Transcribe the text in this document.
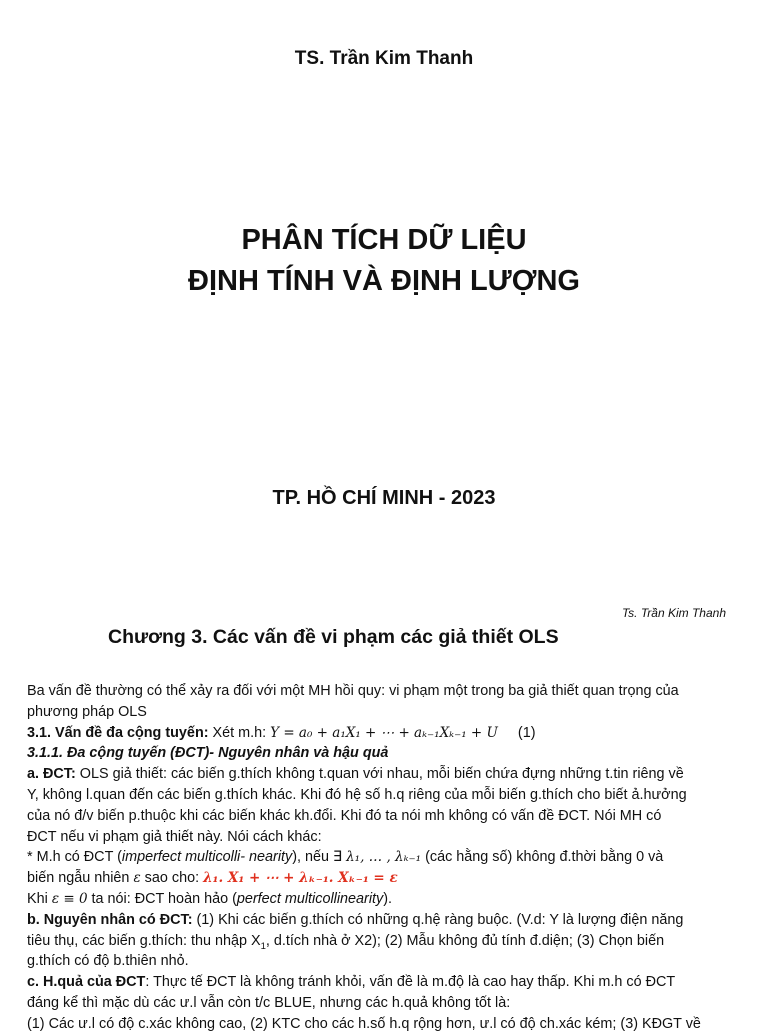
TS. Trần Kim Thanh
PHÂN TÍCH DỮ LIỆU
ĐỊNH TÍNH VÀ ĐỊNH LƯỢNG
TP. HỒ CHÍ MINH - 2023
Ts. Trần Kim Thanh
Chương 3. Các vấn đề vi phạm các giả thiết OLS
Ba vấn đề thường có thể xảy ra đối với một MH hồi quy: vi phạm một trong ba giả thiết quan trọng của
phương pháp OLS
3.1. Vấn đề đa cộng tuyến: Xét m.h: Y = a₀ + a₁X₁ + ⋯ + aₖ₋₁Xₖ₋₁ + U (1)
3.1.1. Đa cộng tuyến (ĐCT)- Nguyên nhân và hậu quả
a. ĐCT: OLS giả thiết: các biến g.thích không t.quan với nhau, mỗi biến chứa đựng những t.tin riêng về
Y, không l.quan đến các biến g.thích khác. Khi đó hệ số h.q riêng của mỗi biến g.thích cho biết ả.hưởng
của nó đ/v biến p.thuộc khi các biến khác kh.đổi. Khi đó ta nói mh không có vấn đề ĐCT. Nói MH có
ĐCT nếu vi phạm giả thiết này. Nói cách khác:
* M.h có ĐCT (imperfect multicolli- nearity), nếu ∃ λ₁, … , λₖ₋₁ (các hằng số) không đ.thời bằng 0 và
biến ngẫu nhiên ε sao cho: λ₁. X₁ + ⋯ + λₖ₋₁. Xₖ₋₁ = ε
Khi ε ≡ 0 ta nói: ĐCT hoàn hảo (perfect multicollinearity).
b. Nguyên nhân có ĐCT: (1) Khi các biến g.thích có những q.hệ ràng buộc. (V.d: Y là lượng điện năng
tiêu thụ, các biến g.thích: thu nhập $X_1$, d.tích nhà ở X2); (2) Mẫu không đủ tính đ.diện; (3) Chọn biến
g.thích có độ b.thiên nhỏ.
c. H.quả của ĐCT: Thực tế ĐCT là không tránh khỏi, vấn đề là m.độ là cao hay thấp. Khi m.h có ĐCT
đáng kể thì mặc dù các ư.l vẫn còn t/c BLUE, nhưng các h.quả không tốt là:
(1) Các ư.l có độ c.xác không cao, (2) KTC cho các h.số h.q rộng hơn, ư.l có độ ch.xác kém; (3) KĐGT về
